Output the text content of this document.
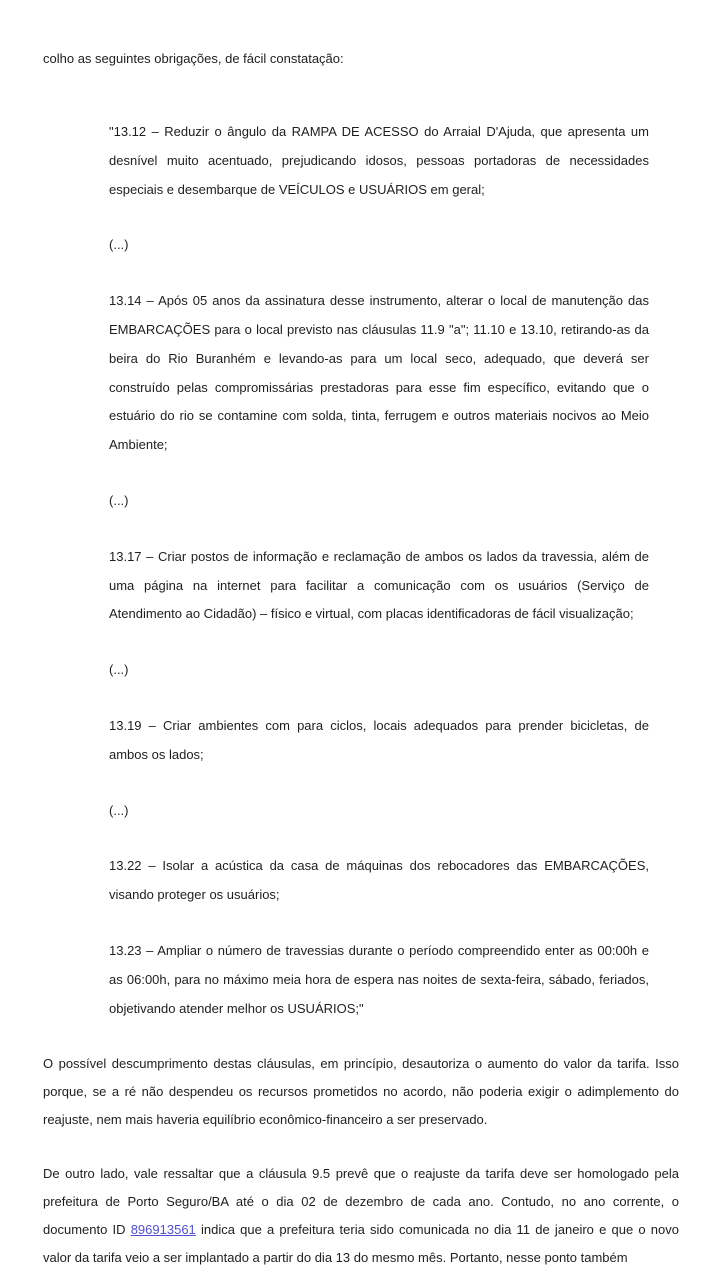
colho as seguintes obrigações, de fácil constatação:

"13.12 – Reduzir o ângulo da RAMPA DE ACESSO do Arraial D'Ajuda, que apresenta um desnível muito acentuado, prejudicando idosos, pessoas portadoras de necessidades especiais e desembarque de VEÍCULOS e USUÁRIOS em geral;

(...)

13.14 – Após 05 anos da assinatura desse instrumento, alterar o local de manutenção das EMBARCAÇÕES para o local previsto nas cláusulas 11.9 "a"; 11.10 e 13.10, retirando-as da beira do Rio Buranhém e levando-as para um local seco, adequado, que deverá ser construído pelas compromissárias prestadoras para esse fim específico, evitando que o estuário do rio se contamine com solda, tinta, ferrugem e outros materiais nocivos ao Meio Ambiente;

(...)

13.17 – Criar postos de informação e reclamação de ambos os lados da travessia, além de uma página na internet para facilitar a comunicação com os usuários (Serviço de Atendimento ao Cidadão) – físico e virtual, com placas identificadoras de fácil visualização;

(...)

13.19 – Criar ambientes com para ciclos, locais adequados para prender bicicletas, de ambos os lados;

(...)

13.22 – Isolar a acústica da casa de máquinas dos rebocadores das EMBARCAÇÕES, visando proteger os usuários;

13.23 – Ampliar o número de travessias durante o período compreendido enter as 00:00h e as 06:00h, para no máximo meia hora de espera nas noites de sexta-feira, sábado, feriados, objetivando atender melhor os USUÁRIOS;"

O possível descumprimento destas cláusulas, em princípio, desautoriza o aumento do valor da tarifa. Isso porque, se a ré não despendeu os recursos prometidos no acordo, não poderia exigir o adimplemento do reajuste, nem mais haveria equilíbrio econômico-financeiro a ser preservado.

De outro lado, vale ressaltar que a cláusula 9.5 prevê que o reajuste da tarifa deve ser homologado pela prefeitura de Porto Seguro/BA até o dia 02 de dezembro de cada ano. Contudo, no ano corrente, o documento ID 896913561 indica que a prefeitura teria sido comunicada no dia 11 de janeiro e que o novo valor da tarifa veio a ser implantado a partir do dia 13 do mesmo mês. Portanto, nesse ponto também
